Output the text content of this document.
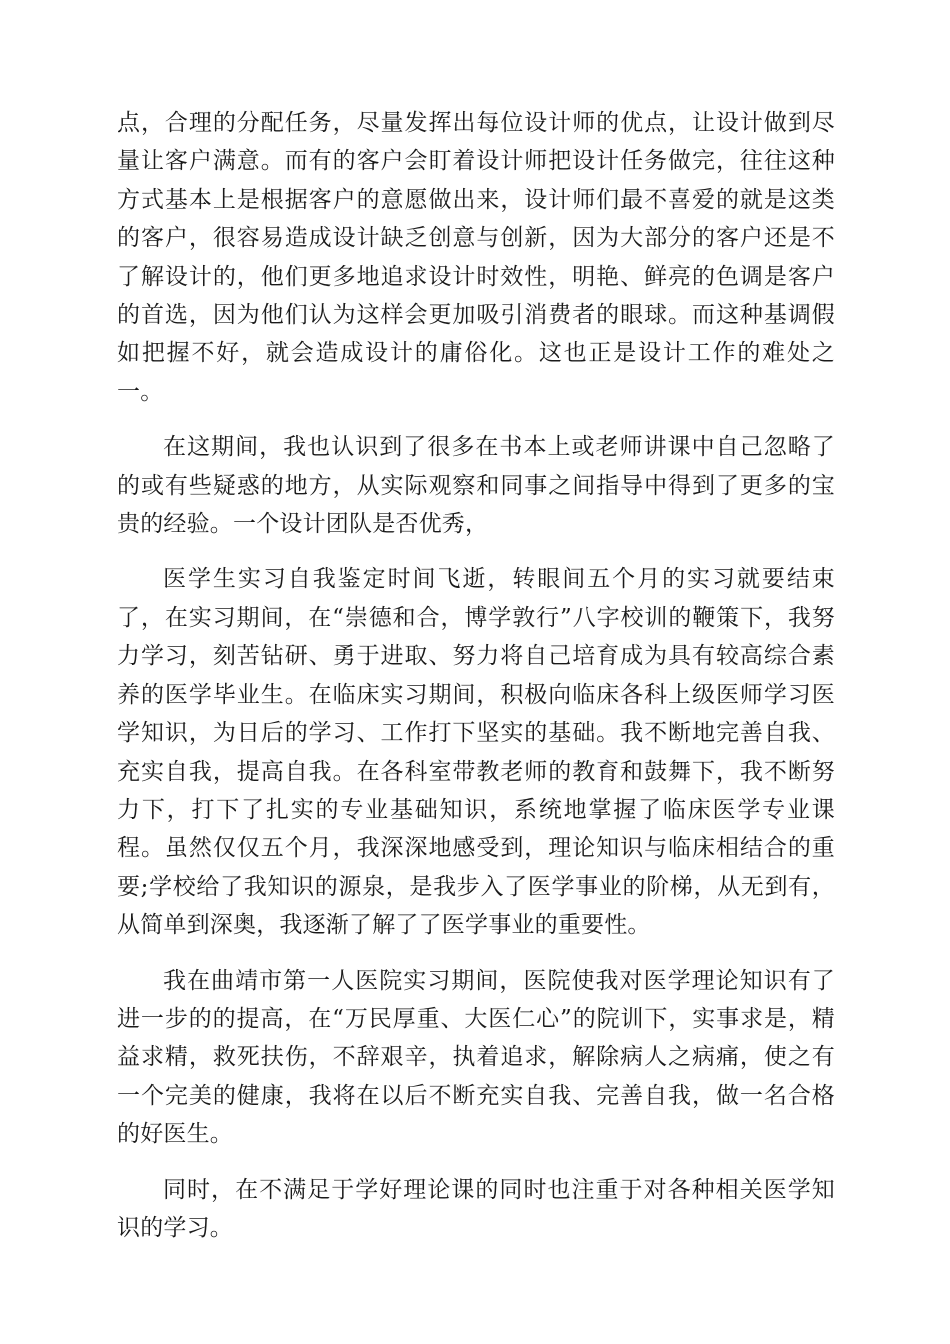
点，合理的分配任务，尽量发挥出每位设计师的优点，让设计做到尽量让客户满意。而有的客户会盯着设计师把设计任务做完，往往这种方式基本上是根据客户的意愿做出来，设计师们最不喜爱的就是这类的客户，很容易造成设计缺乏创意与创新，因为大部分的客户还是不了解设计的，他们更多地追求设计时效性，明艳、鲜亮的色调是客户的首选，因为他们认为这样会更加吸引消费者的眼球。而这种基调假如把握不好，就会造成设计的庸俗化。这也正是设计工作的难处之一。

在这期间，我也认识到了很多在书本上或老师讲课中自己忽略了的或有些疑惑的地方，从实际观察和同事之间指导中得到了更多的宝贵的经验。一个设计团队是否优秀，

医学生实习自我鉴定时间飞逝，转眼间五个月的实习就要结束了，在实习期间，在“崇德和合，博学敦行”八字校训的鞭策下，我努力学习，刻苦钻研、勇于进取、努力将自己培育成为具有较高综合素养的医学毕业生。在临床实习期间，积极向临床各科上级医师学习医学知识，为日后的学习、工作打下坚实的基础。我不断地完善自我、充实自我，提高自我。在各科室带教老师的教育和鼓舞下，我不断努力下，打下了扎实的专业基础知识，系统地掌握了临床医学专业课程。虽然仅仅五个月，我深深地感受到，理论知识与临床相结合的重要;学校给了我知识的源泉，是我步入了医学事业的阶梯，从无到有，从简单到深奥，我逐渐了解了了医学事业的重要性。

我在曲靖市第一人医院实习期间，医院使我对医学理论知识有了进一步的的提高，在“万民厚重、大医仁心”的院训下，实事求是，精益求精，救死扶伤，不辞艰辛，执着追求，解除病人之病痛，使之有一个完美的健康，我将在以后不断充实自我、完善自我，做一名合格的好医生。

同时，在不满足于学好理论课的同时也注重于对各种相关医学知识的学习。
